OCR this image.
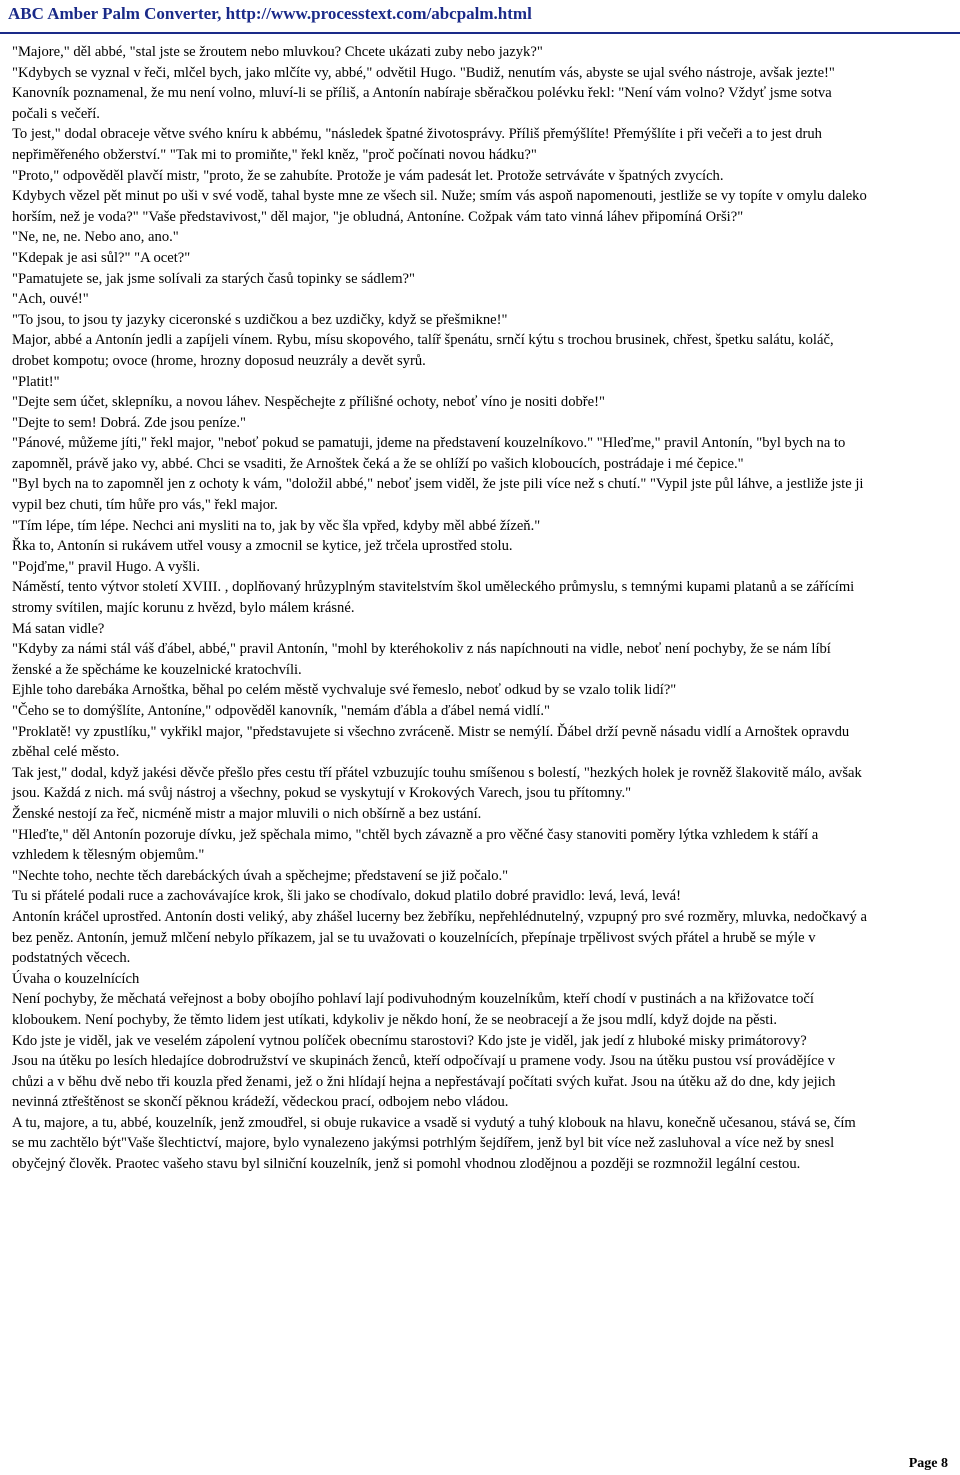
ABC Amber Palm Converter, http://www.processtext.com/abcpalm.html

"Majore," děl abbé, "stal jste se žroutem nebo mluvkou? Chcete ukázati zuby nebo jazyk?"

"Kdybych se vyznal v řeči, mlčel bych, jako mlčíte vy, abbé," odvětil Hugo. "Budiž, nenutím vás, abyste se ujal svého nástroje, avšak jezte!"

Kanovník poznamenal, že mu není volno, mluví-li se příliš, a Antonín nabíraje sběračkou polévku řekl: "Není vám volno? Vždyť jsme sotva počali s večeří.

To jest," dodal obraceje větve svého kníru k abbému, "následek špatné životosprávy. Příliš přemýšlíte! Přemýšlíte i při večeři a to jest druh nepřiměřeného obžerství." "Tak mi to promiňte," řekl kněz, "proč počínati novou hádku?"

"Proto," odpověděl plavčí mistr, "proto, že se zahubíte. Protože je vám padesát let. Protože setrváváte v špatných zvycích.

Kdybych vězel pět minut po uši v své vodě, tahal byste mne ze všech sil. Nuže; smím vás aspoň napomenouti, jestliže se vy topíte v omylu daleko horším, než je voda?" "Vaše představivost," děl major, "je obludná, Antoníne. Cožpak vám tato vinná láhev připomíná Orši?"

"Ne, ne, ne. Nebo ano, ano."

"Kdepak je asi sůl?" "A ocet?"

"Pamatujete se, jak jsme solívali za starých časů topinky se sádlem?"

"Ach, ouvé!"

"To jsou, to jsou ty jazyky ciceronské s uzdičkou a bez uzdičky, když se přešmikne!"

Major, abbé a Antonín jedli a zapíjeli vínem. Rybu, mísu skopového, talíř špenátu, srnčí kýtu s trochou brusinek, chřest, špetku salátu, koláč, drobet kompotu; ovoce (hrome, hrozny doposud neuzrály a devět syrů.

"Platit!"

"Dejte sem účet, sklepníku, a novou láhev. Nespěchejte z přílišné ochoty, neboť víno je nositi dobře!"

"Dejte to sem! Dobrá. Zde jsou peníze."

"Pánové, můžeme jíti," řekl major, "neboť pokud se pamatuji, jdeme na představení kouzelníkovo." "Hleďme," pravil Antonín, "byl bych na to zapomněl, právě jako vy, abbé. Chci se vsaditi, že Arnoštek čeká a že se ohlíží po vašich kloboucích, postrádaje i mé čepice."

"Byl bych na to zapomněl jen z ochoty k vám, "doložil abbé," neboť jsem viděl, že jste pili více než s chutí." "Vypil jste půl láhve, a jestliže jste ji vypil bez chuti, tím hůře pro vás," řekl major.

"Tím lépe, tím lépe. Nechci ani mysliti na to, jak by věc šla vpřed, kdyby měl abbé žízeň."

Řka to, Antonín si rukávem utřel vousy a zmocnil se kytice, jež trčela uprostřed stolu.

"Pojďme," pravil Hugo. A vyšli.

Náměstí, tento výtvor století XVIII. , doplňovaný hrůzyplným stavitelstvím škol uměleckého průmyslu, s temnými kupami platanů a se zářícími stromy svítilen, majíc korunu z hvězd, bylo málem krásné.

Má satan vidle?

"Kdyby za námi stál váš ďábel, abbé," pravil Antonín, "mohl by kteréhokoliv z nás napíchnouti na vidle, neboť není pochyby, že se nám líbí ženské a že spěcháme ke kouzelnické kratochvíli.

Ejhle toho darebáka Arnoštka, běhal po celém městě vychvaluje své řemeslo, neboť odkud by se vzalo tolik lidí?"

"Čeho se to domýšlíte, Antoníne," odpověděl kanovník, "nemám ďábla a ďábel nemá vidlí."

"Proklatě! vy zpustlíku," vykřikl major, "představujete si všechno zvráceně. Mistr se nemýlí. Ďábel drží pevně násadu vidlí a Arnoštek opravdu zběhal celé město.

Tak jest," dodal, když jakési děvče přešlo přes cestu tří přátel vzbuzujíc touhu smíšenou s bolestí, "hezkých holek je rovněž šlakovitě málo, avšak jsou. Každá z nich. má svůj nástroj a všechny, pokud se vyskytují v Krokových Varech, jsou tu přítomny."

Ženské nestojí za řeč, nicméně mistr a major mluvili o nich obšírně a bez ustání.

"Hleďte," děl Antonín pozoruje dívku, jež spěchala mimo, "chtěl bych závazně a pro věčné časy stanoviti poměry lýtka vzhledem k stáří a vzhledem k tělesným objemům."

"Nechte toho, nechte těch darebáckých úvah a spěchejme; představení se již počalo."

Tu si přátelé podali ruce a zachovávajíce krok, šli jako se chodívalo, dokud platilo dobré pravidlo: levá, levá, levá!

Antonín kráčel uprostřed. Antonín dosti veliký, aby zhášel lucerny bez žebříku, nepřehlédnutelný, vzpupný pro své rozměry, mluvka, nedočkavý a bez peněz. Antonín, jemuž mlčení nebylo příkazem, jal se tu uvažovati o kouzelnících, přepínaje trpělivost svých přátel a hrubě se mýle v podstatných věcech.

Úvaha o kouzelnících

Není pochyby, že měchatá veřejnost a boby obojího pohlaví lají podivuhodným kouzelníkům, kteří chodí v pustinách a na křižovatce točí kloboukem. Není pochyby, že těmto lidem jest utíkati, kdykoliv je někdo honí, že se neobracejí a že jsou mdlí, když dojde na pěsti.

Kdo jste je viděl, jak ve veselém zápolení vytnou políček obecnímu starostovi? Kdo jste je viděl, jak jedí z hluboké misky primátorovy?

Jsou na útěku po lesích hledajíce dobrodružství ve skupinách ženců, kteří odpočívají u pramene vody. Jsou na útěku pustou vsí provádějíce v chůzi a v běhu dvě nebo tři kouzla před ženami, jež o žni hlídají hejna a nepřestávají počítati svých kuřat. Jsou na útěku až do dne, kdy jejich nevinná ztřeštěnost se skončí pěknou krádeží, vědeckou prací, odbojem nebo vládou.

A tu, majore, a tu, abbé, kouzelník, jenž zmoudřel, si obuje rukavice a vsadě si vydutý a tuhý klobouk na hlavu, konečně učesanou, stává se, čím se mu zachtělo být"Vaše šlechtictví, majore, bylo vynalezeno jakýmsi potrhlým šejdířem, jenž byl bit více než zasluhoval a více než by snesl obyčejný člověk. Praotec vašeho stavu byl silniční kouzelník, jenž si pomohl vhodnou zlodějnou a později se rozmnožil legální cestou.

Page 8
